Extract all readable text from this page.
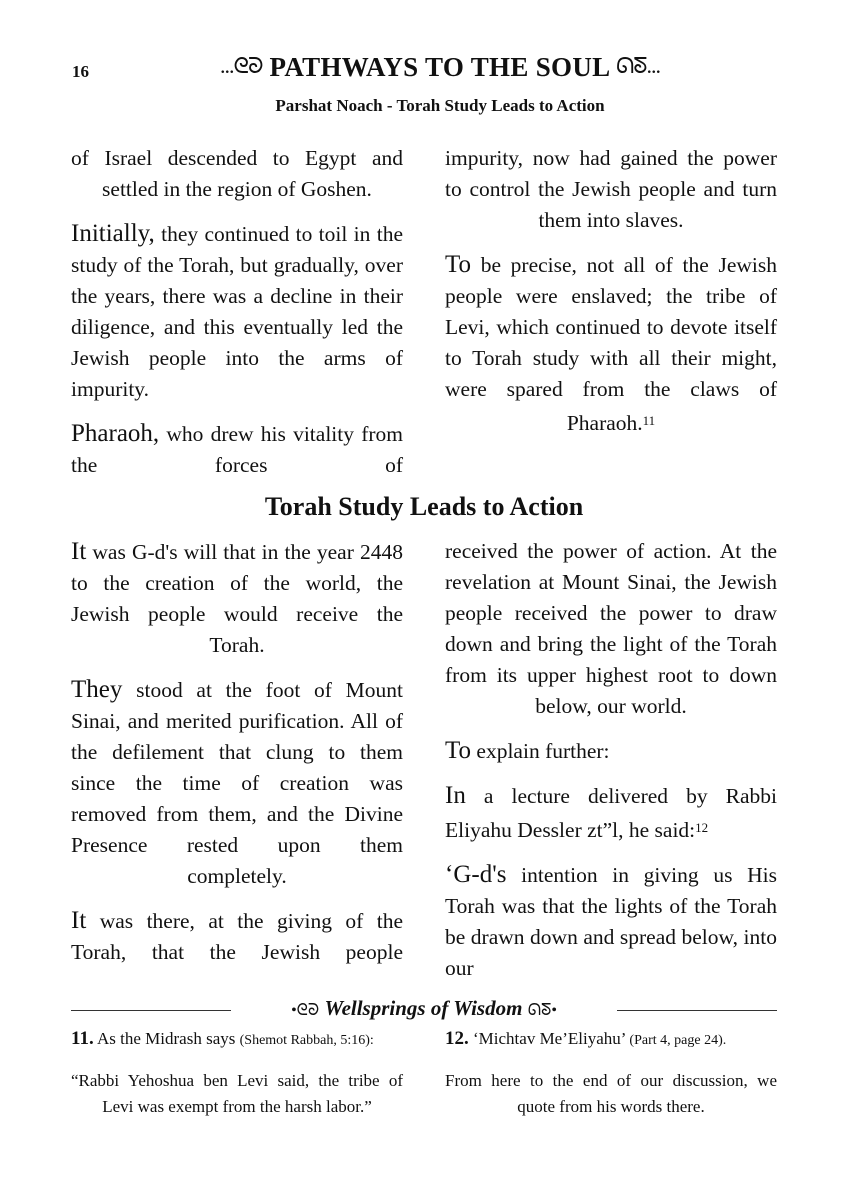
16	...ᘓᘐ PATHWAYS TO THE SOUL ᘏᘕ...
Parshat Noach - Torah Study Leads to Action

of Israel descended to Egypt and settled in the region of Goshen.

Initially, they continued to toil in the study of the Torah, but gradually, over the years, there was a decline in their diligence, and this eventually led the Jewish people into the arms of impurity.

Pharaoh, who drew his vitality from the forces of

impurity, now had gained the power to control the Jewish people and turn them into slaves.

To be precise, not all of the Jewish people were enslaved; the tribe of Levi, which continued to devote itself to Torah study with all their might, were spared from the claws of Pharaoh.$^{11}$

Torah Study Leads to Action

It was G-d's will that in the year 2448 to the creation of the world, the Jewish people would receive the Torah.

They stood at the foot of Mount Sinai, and merited purification. All of the defilement that clung to them since the time of creation was removed from them, and the Divine Presence rested upon them completely.

It was there, at the giving of the Torah, that the Jewish people

received the power of action. At the revelation at Mount Sinai, the Jewish people received the power to draw down and bring the light of the Torah from its upper highest root to down below, our world.

To explain further:

In a lecture delivered by Rabbi Eliyahu Dessler zt”l, he said:$^{12}$

‘G-d's intention in giving us His Torah was that the lights of the Torah be drawn down and spread below, into our

•ᘓᘐ Wellsprings of Wisdom ᘏᘕ•

11. As the Midrash says (Shemot Rabbah, 5:16):

“Rabbi Yehoshua ben Levi said, the tribe of Levi was exempt from the harsh labor.”

12. ‘Michtav Me’Eliyahu’ (Part 4, page 24).

From here to the end of our discussion, we quote from his words there.
